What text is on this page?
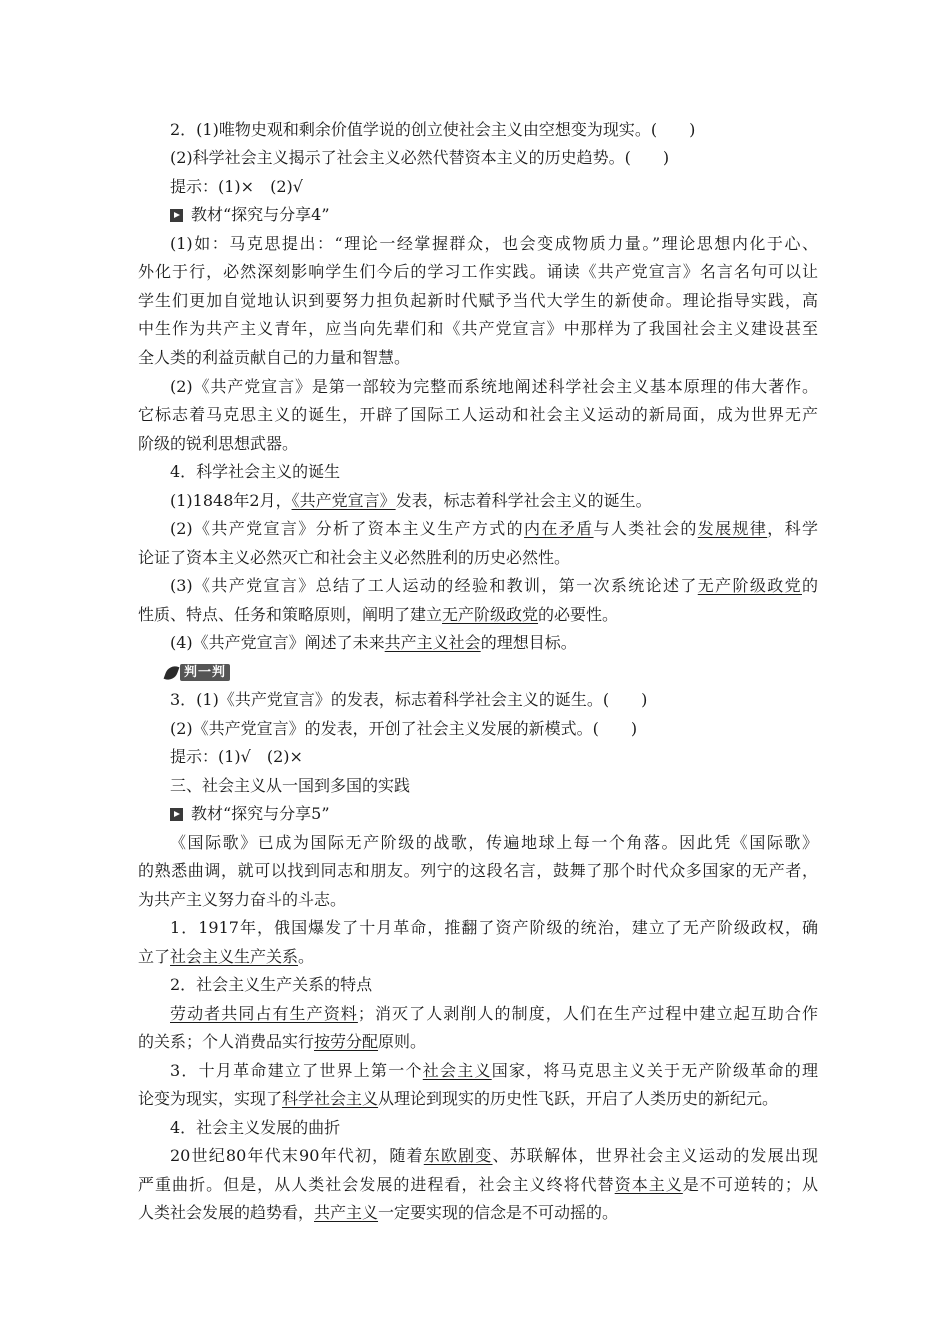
2．(1)唯物史观和剩余价值学说的创立使社会主义由空想变为现实。(　　)
(2)科学社会主义揭示了社会主义必然代替资本主义的历史趋势。(　　)
提示：(1)×　(2)√
教材“探究与分享4”
(1)如：马克思提出：“理论一经掌握群众，也会变成物质力量。”理论思想内化于心、
外化于行，必然深刻影响学生们今后的学习工作实践。诵读《共产党宣言》名言名句可以让
学生们更加自觉地认识到要努力担负起新时代赋予当代大学生的新使命。理论指导实践，高
中生作为共产主义青年，应当向先辈们和《共产党宣言》中那样为了我国社会主义建设甚至
全人类的利益贡献自己的力量和智慧。
(2)《共产党宣言》是第一部较为完整而系统地阐述科学社会主义基本原理的伟大著作。
它标志着马克思主义的诞生，开辟了国际工人运动和社会主义运动的新局面，成为世界无产
阶级的锐利思想武器。
4．科学社会主义的诞生
(1)1848年2月，《共产党宣言》发表，标志着科学社会主义的诞生。
(2)《共产党宣言》分析了资本主义生产方式的内在矛盾与人类社会的发展规律，科学
论证了资本主义必然灭亡和社会主义必然胜利的历史必然性。
(3)《共产党宣言》总结了工人运动的经验和教训，第一次系统论述了无产阶级政党的
性质、特点、任务和策略原则，阐明了建立无产阶级政党的必要性。
(4)《共产党宣言》阐述了未来共产主义社会的理想目标。
判一判
3．(1)《共产党宣言》的发表，标志着科学社会主义的诞生。(　　)
(2)《共产党宣言》的发表，开创了社会主义发展的新模式。(　　)
提示：(1)√　(2)×
三、社会主义从一国到多国的实践
教材“探究与分享5”
《国际歌》已成为国际无产阶级的战歌，传遍地球上每一个角落。因此凭《国际歌》
的熟悉曲调，就可以找到同志和朋友。列宁的这段名言，鼓舞了那个时代众多国家的无产者，
为共产主义努力奋斗的斗志。
1．1917年，俄国爆发了十月革命，推翻了资产阶级的统治，建立了无产阶级政权，确
立了社会主义生产关系。
2．社会主义生产关系的特点
劳动者共同占有生产资料；消灭了人剥削人的制度，人们在生产过程中建立起互助合作
的关系；个人消费品实行按劳分配原则。
3．十月革命建立了世界上第一个社会主义国家，将马克思主义关于无产阶级革命的理
论变为现实，实现了科学社会主义从理论到现实的历史性飞跃，开启了人类历史的新纪元。
4．社会主义发展的曲折
20世纪80年代末90年代初，随着东欧剧变、苏联解体，世界社会主义运动的发展出现
严重曲折。但是，从人类社会发展的进程看，社会主义终将代替资本主义是不可逆转的；从
人类社会发展的趋势看，共产主义一定要实现的信念是不可动摇的。
